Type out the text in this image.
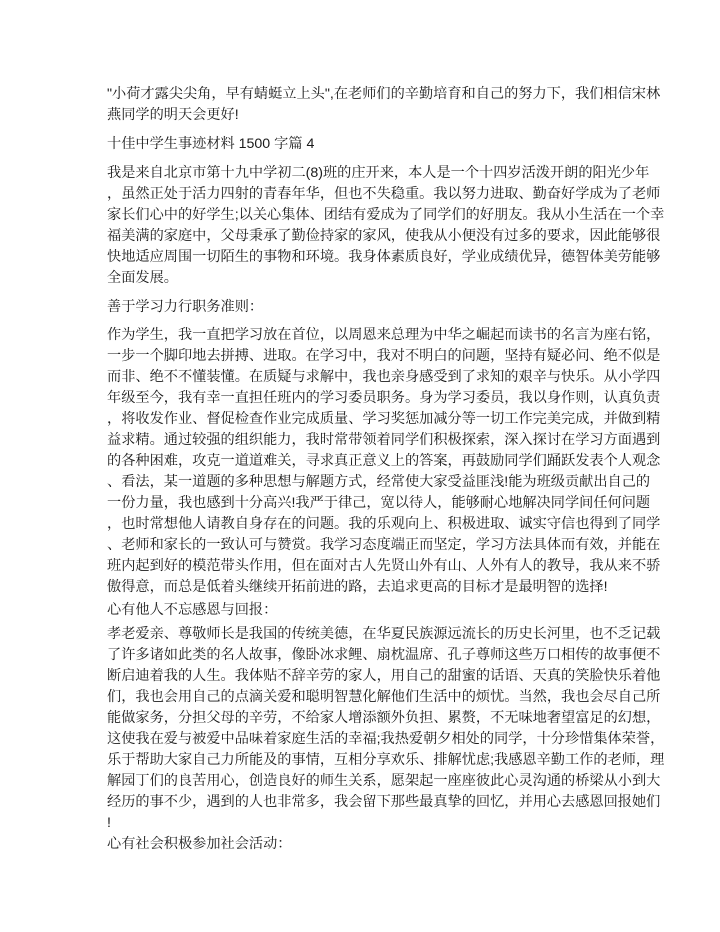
"小荷才露尖尖角，早有蜻蜓立上头",在老师们的辛勤培育和自己的努力下，我们相信宋林
燕同学的明天会更好!
十佳中学生事迹材料 1500 字篇 4
我是来自北京市第十九中学初二(8)班的庄开来，本人是一个十四岁活泼开朗的阳光少年
，虽然正处于活力四射的青春年华，但也不失稳重。我以努力进取、勤奋好学成为了老师
家长们心中的好学生;以关心集体、团结有爱成为了同学们的好朋友。我从小生活在一个幸
福美满的家庭中，父母秉承了勤俭持家的家风，使我从小便没有过多的要求，因此能够很
快地适应周围一切陌生的事物和环境。我身体素质良好，学业成绩优异，德智体美劳能够
全面发展。
善于学习力行职务准则：
作为学生，我一直把学习放在首位，以周恩来总理为中华之崛起而读书的名言为座右铭，
一步一个脚印地去拼搏、进取。在学习中，我对不明白的问题，坚持有疑必问、绝不似是
而非、绝不不懂装懂。在质疑与求解中，我也亲身感受到了求知的艰辛与快乐。从小学四
年级至今，我有幸一直担任班内的学习委员职务。身为学习委员，我以身作则，认真负责
，将收发作业、督促检查作业完成质量、学习奖惩加减分等一切工作完美完成，并做到精
益求精。通过较强的组织能力，我时常带领着同学们积极探索，深入探讨在学习方面遇到
的各种困难，攻克一道道难关，寻求真正意义上的答案，再鼓励同学们踊跃发表个人观念
、看法，某一道题的多种思想与解题方式，经常使大家受益匪浅!能为班级贡献出自己的
一份力量，我也感到十分高兴!我严于律己，宽以待人，能够耐心地解决同学间任何问题
，也时常想他人请教自身存在的问题。我的乐观向上、积极进取、诚实守信也得到了同学
、老师和家长的一致认可与赞赏。我学习态度端正而坚定，学习方法具体而有效，并能在
班内起到好的模范带头作用，但在面对古人先贤山外有山、人外有人的教导，我从来不骄
傲得意，而总是低着头继续开拓前进的路，去追求更高的目标才是最明智的选择!
心有他人不忘感恩与回报：
孝老爱亲、尊敬师长是我国的传统美德，在华夏民族源远流长的历史长河里，也不乏记载
了许多诸如此类的名人故事，像卧冰求鲤、扇枕温席、孔子尊师这些万口相传的故事便不
断启迪着我的人生。我体贴不辞辛劳的家人，用自己的甜蜜的话语、天真的笑脸快乐着他
们，我也会用自己的点滴关爱和聪明智慧化解他们生活中的烦忧。当然，我也会尽自己所
能做家务，分担父母的辛劳，不给家人增添额外负担、累赘，不无味地奢望富足的幻想，
这使我在爱与被爱中品味着家庭生活的幸福;我热爱朝夕相处的同学，十分珍惜集体荣誉，
乐于帮助大家自己力所能及的事情，互相分享欢乐、排解忧虑;我感恩辛勤工作的老师，理
解园丁们的良苦用心，创造良好的师生关系，愿架起一座座彼此心灵沟通的桥梁从小到大
经历的事不少，遇到的人也非常多，我会留下那些最真挚的回忆，并用心去感恩回报她们
!
心有社会积极参加社会活动：
